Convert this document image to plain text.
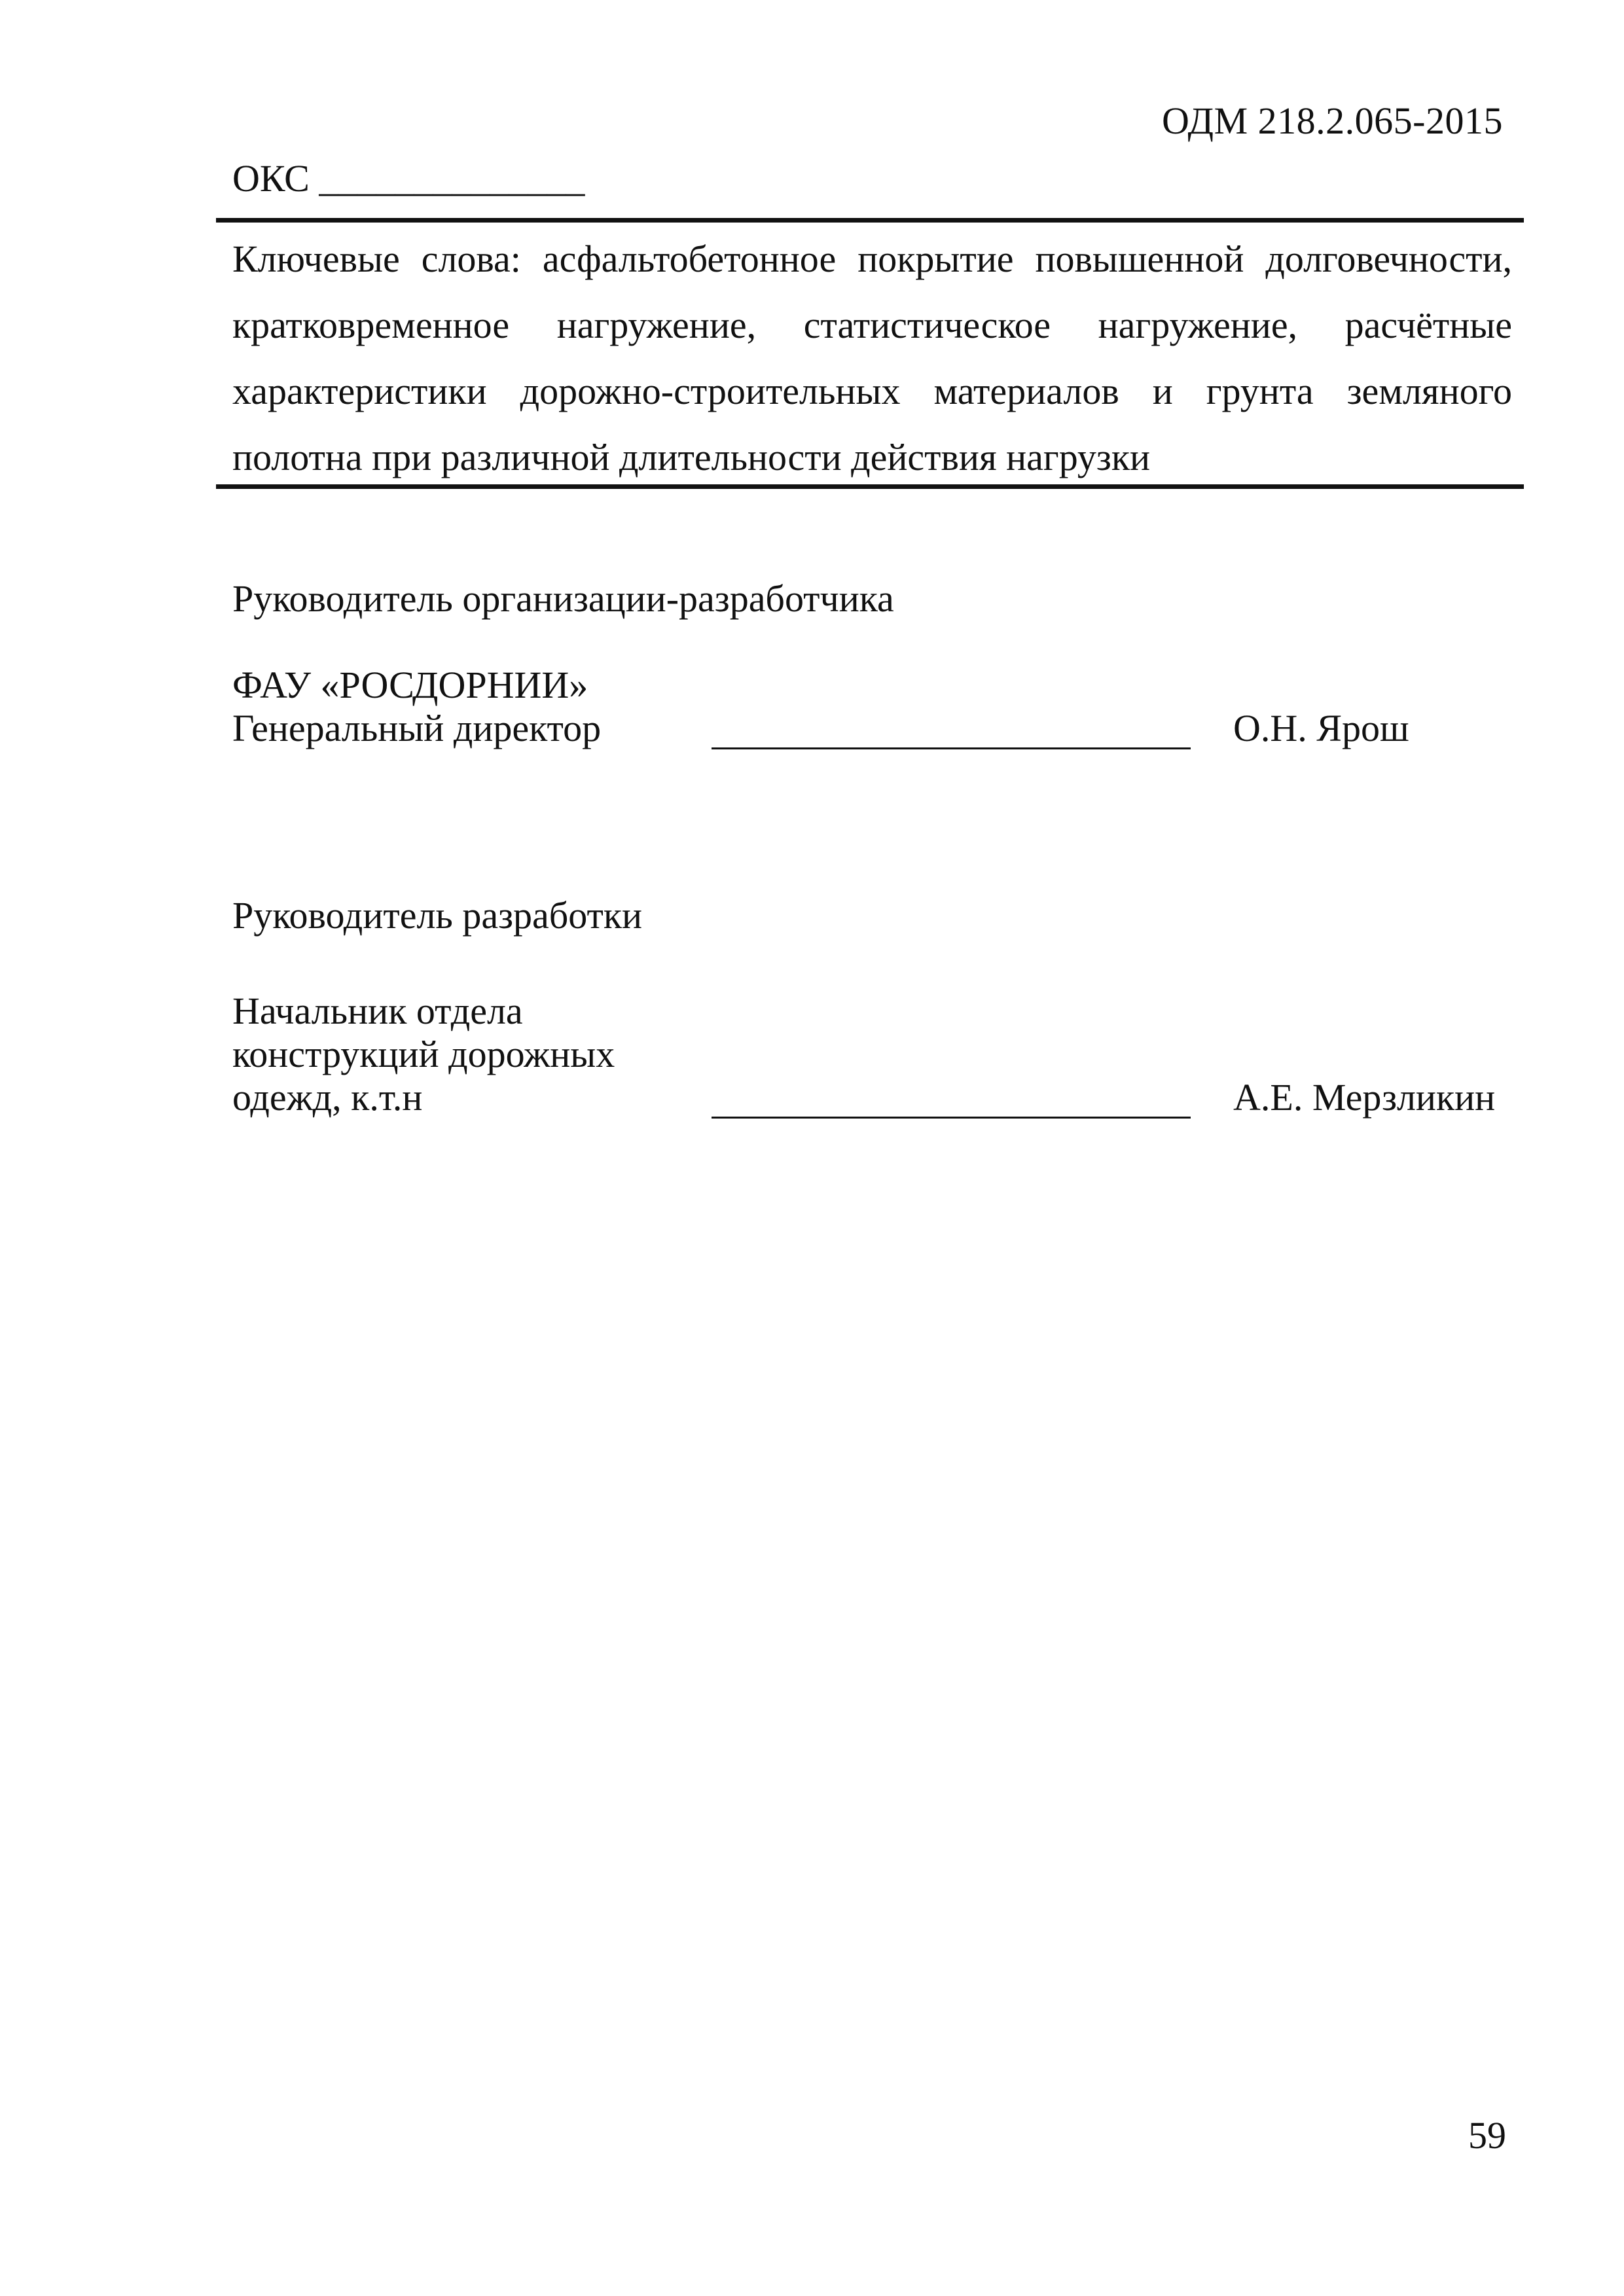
ОДМ 218.2.065-2015
ОКС ______________

Ключевые слова: асфальтобетонное покрытие повышенной долговечности, кратковременное нагружение, статистическое нагружение, расчётные характеристики дорожно-строительных материалов и грунта земляного полотна при различной длительности действия нагрузки

Руководитель организации-разработчика
ФАУ «РОСДОРНИИ»
Генеральный директор	О.Н. Ярош
Руководитель разработки
Начальник отдела
конструкций дорожных
одежд, к.т.н	А.Е. Мерзликин
59
